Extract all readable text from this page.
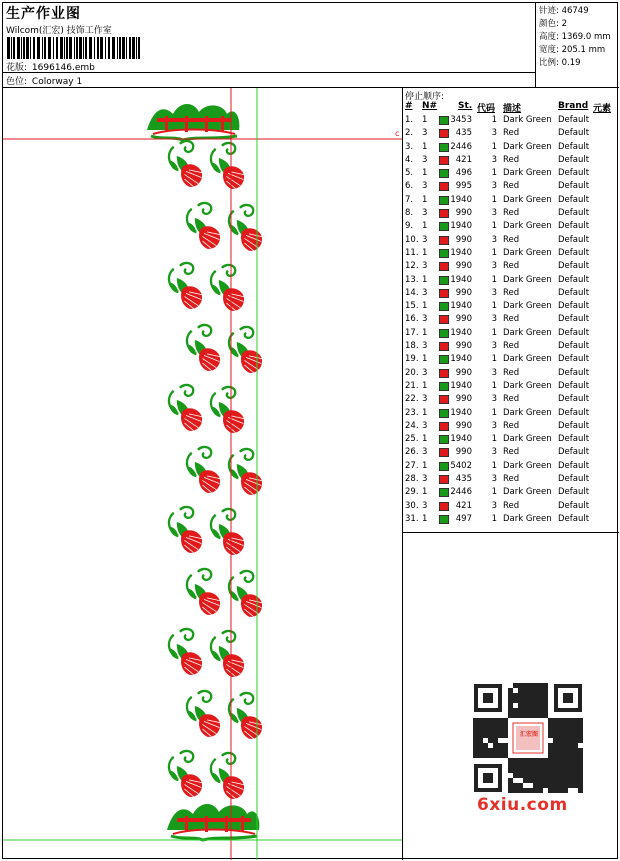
生产作业图
Wilcom(汇宏) 技饰工作室
花版: 1696146.emb
色位: Colorway 1
针迹: 46749
颜色: 2
高度: 1369.0 mm
宽度: 205.1 mm
比例: 0.19
c
停止顺序:
# N# St. 代码 描述	Brand 元素
1. 1	3453	1 Dark Green Default
2. 3	435	3 Red	Default
3. 1	2446	1 Dark Green Default
4. 3	421	3 Red	Default
5. 1	496	1 Dark Green Default
6. 3	995	3 Red	Default
7. 1	1940	1 Dark Green Default
8. 3	990	3 Red	Default
9. 1	1940	1 Dark Green Default
10. 3	990	3 Red	Default
11. 1	1940	1 Dark Green Default
12. 3	990	3 Red	Default
13. 1	1940	1 Dark Green Default
14. 3	990	3 Red	Default
15. 1	1940	1 Dark Green Default
16. 3	990	3 Red	Default
17. 1	1940	1 Dark Green Default
18. 3	990	3 Red	Default
19. 1	1940	1 Dark Green Default
20. 3	990	3 Red	Default
21. 1	1940	1 Dark Green Default
22. 3	990	3 Red	Default
23. 1	1940	1 Dark Green Default
24. 3	990	3 Red	Default
25. 1	1940	1 Dark Green Default
26. 3	990	3 Red	Default
27. 1	5402	1 Dark Green Default
28. 3	435	3 Red	Default
29. 1	2446	1 Dark Green Default
30. 3	421	3 Red	Default
31. 1	497	1 Dark Green Default
汇宏图
6xiu.com
